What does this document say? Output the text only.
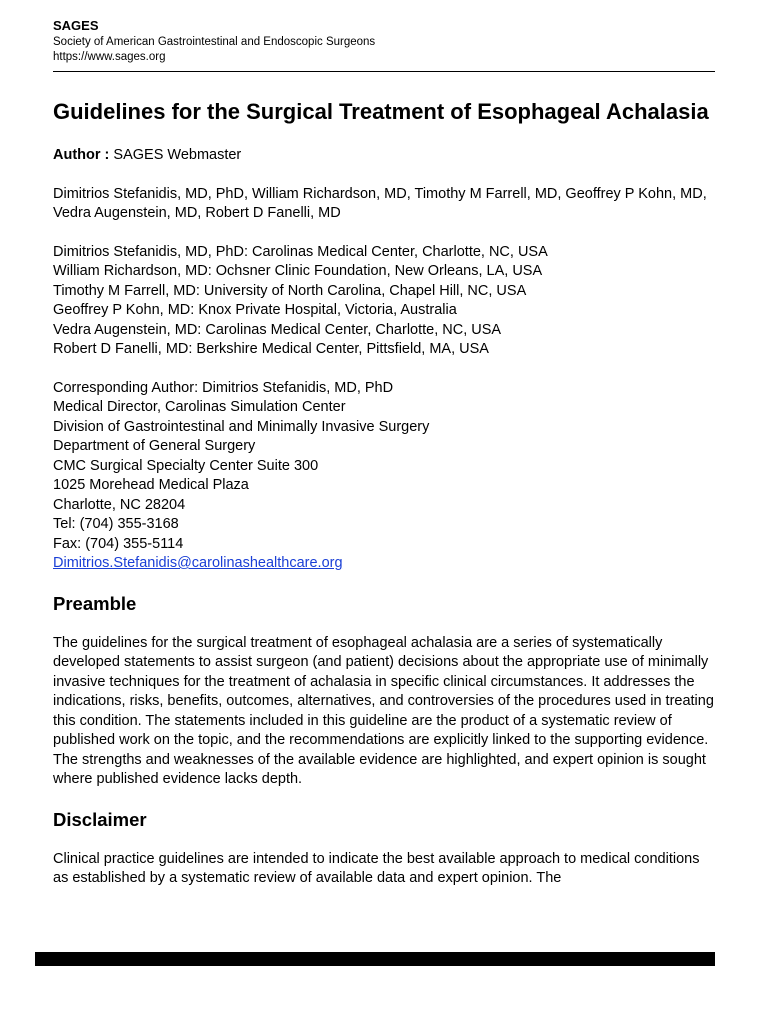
SAGES
Society of American Gastrointestinal and Endoscopic Surgeons
https://www.sages.org
Guidelines for the Surgical Treatment of Esophageal Achalasia
Author : SAGES Webmaster

Dimitrios Stefanidis, MD, PhD, William Richardson, MD, Timothy M Farrell, MD, Geoffrey P Kohn, MD, Vedra Augenstein, MD, Robert D Fanelli, MD

Dimitrios Stefanidis, MD, PhD: Carolinas Medical Center, Charlotte, NC, USA
William Richardson, MD: Ochsner Clinic Foundation, New Orleans, LA, USA
Timothy M Farrell, MD: University of North Carolina, Chapel Hill, NC, USA
Geoffrey P Kohn, MD: Knox Private Hospital, Victoria, Australia
Vedra Augenstein, MD: Carolinas Medical Center, Charlotte, NC, USA
Robert D Fanelli, MD: Berkshire Medical Center, Pittsfield, MA, USA
Corresponding Author: Dimitrios Stefanidis, MD, PhD
Medical Director, Carolinas Simulation Center
Division of Gastrointestinal and Minimally Invasive Surgery
Department of General Surgery
CMC Surgical Specialty Center Suite 300
1025 Morehead Medical Plaza
Charlotte, NC 28204
Tel: (704) 355-3168
Fax: (704) 355-5114
Dimitrios.Stefanidis@carolinashealthcare.org
Preamble

The guidelines for the surgical treatment of esophageal achalasia are a series of systematically developed statements to assist surgeon (and patient) decisions about the appropriate use of minimally invasive techniques for the treatment of achalasia in specific clinical circumstances. It addresses the indications, risks, benefits, outcomes, alternatives, and controversies of the procedures used in treating this condition. The statements included in this guideline are the product of a systematic review of published work on the topic, and the recommendations are explicitly linked to the supporting evidence. The strengths and weaknesses of the available evidence are highlighted, and expert opinion is sought where published evidence lacks depth.

Disclaimer

Clinical practice guidelines are intended to indicate the best available approach to medical conditions as established by a systematic review of available data and expert opinion. The
